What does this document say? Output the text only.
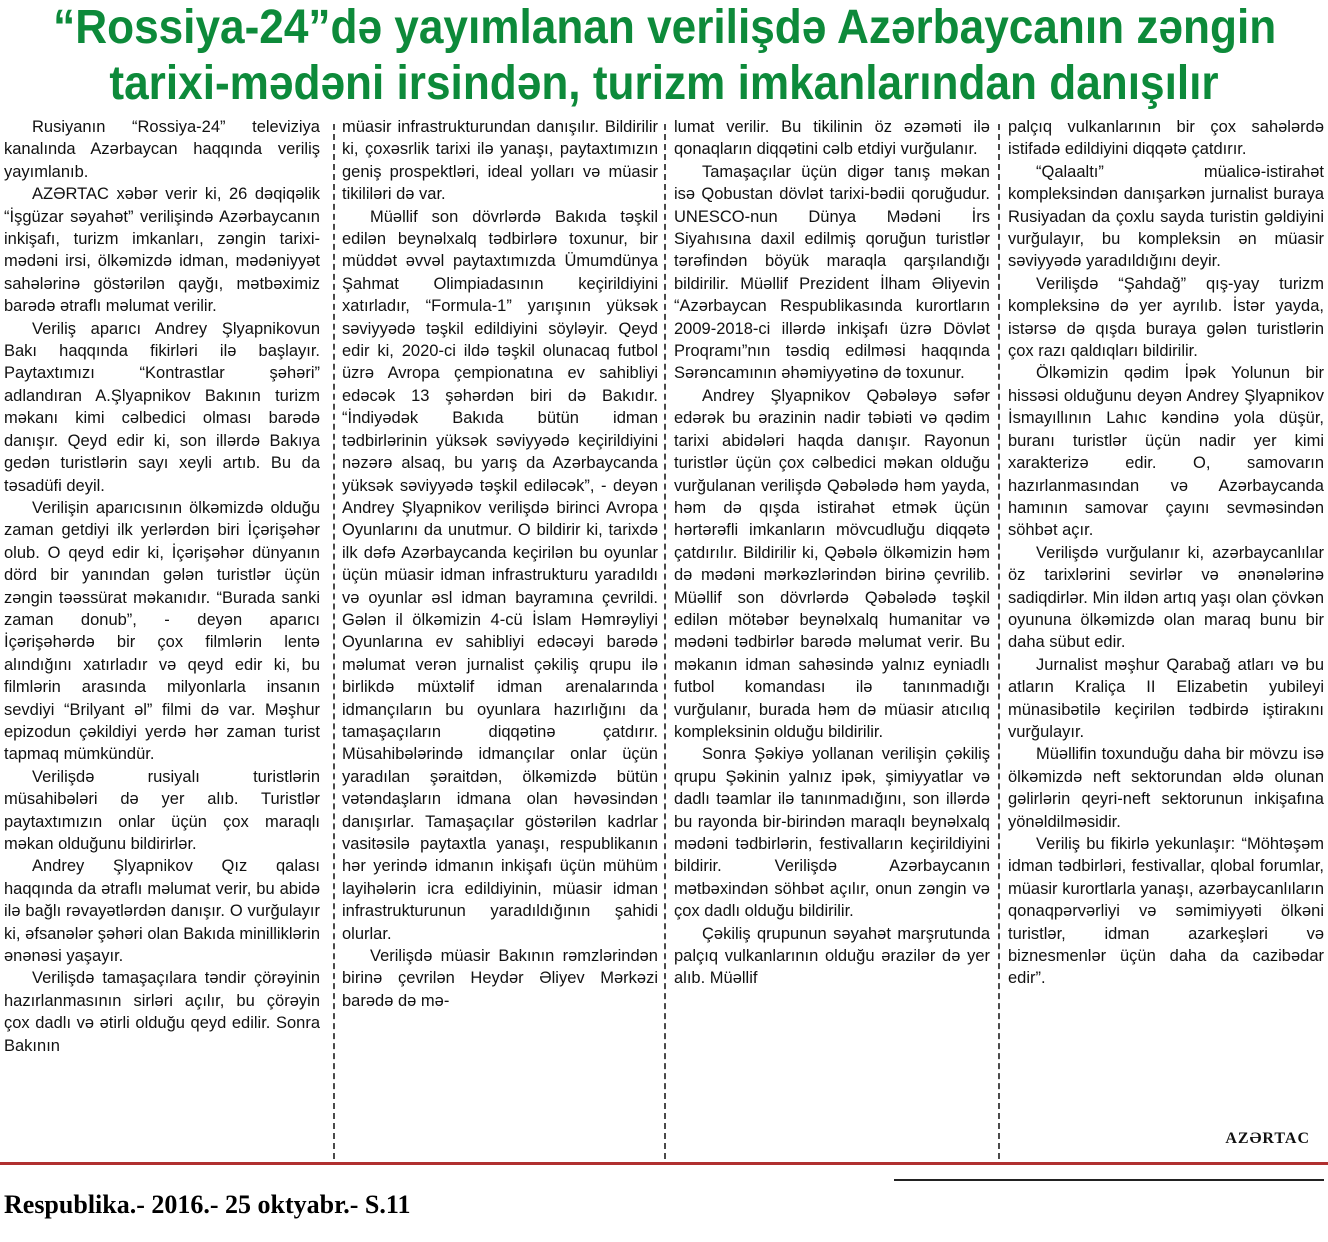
“Rossiya-24”də yayımlanan verilişdə Azərbaycanın zəngin
tarixi-mədəni irsindən, turizm imkanlarından danışılır

Rusiyanın “Rossiya-24” televiziya kanalında Azərbaycan haqqında veriliş yayımlanıb.

AZƏRTAC xəbər verir ki, 26 dəqiqəlik “İşgüzar səyahət” verilişində Azərbaycanın inkişafı, turizm imkanları, zəngin tarixi-mədəni irsi, ölkəmizdə idman, mədəniyyət sahələrinə göstərilən qayğı, mətbəximiz barədə ətraflı məlumat verilir.

Veriliş aparıcı Andrey Şlyapnikovun Bakı haqqında fikirləri ilə başlayır. Paytaxtımızı “Kontrastlar şəhəri” adlandıran A.Şlyapnikov Bakının turizm məkanı kimi cəlbedici olması barədə danışır. Qeyd edir ki, son illərdə Bakıya gedən turistlərin sayı xeyli artıb. Bu da təsadüfi deyil.

Verilişin aparıcısının ölkəmizdə olduğu zaman getdiyi ilk yerlərdən biri İçərişəhər olub. O qeyd edir ki, İçərişəhər dünyanın dörd bir yanından gələn turistlər üçün zəngin təəssürat məkanıdır. “Burada sanki zaman donub”, - deyən aparıcı İçərişəhərdə bir çox filmlərin lentə alındığını xatırladır və qeyd edir ki, bu filmlərin arasında milyonlarla insanın sevdiyi “Brilyant əl” filmi də var. Məşhur epizodun çəkildiyi yerdə hər zaman turist tapmaq mümkündür.

Verilişdə rusiyalı turistlərin müsahibələri də yer alıb. Turistlər paytaxtımızın onlar üçün çox maraqlı məkan olduğunu bildirirlər.

Andrey Şlyapnikov Qız qalası haqqında da ətraflı məlumat verir, bu abidə ilə bağlı rəvayətlərdən danışır. O vurğulayır ki, əfsanələr şəhəri olan Bakıda minilliklərin ənənəsi yaşayır.

Verilişdə tamaşaçılara təndir çörəyinin hazırlanmasının sirləri açılır, bu çörəyin çox dadlı və ətirli olduğu qeyd edilir. Sonra Bakının

müasir infrastrukturundan danışılır. Bildirilir ki, çoxəsrlik tarixi ilə yanaşı, paytaxtımızın geniş prospektləri, ideal yolları və müasir tikililəri də var.

Müəllif son dövrlərdə Bakıda təşkil edilən beynəlxalq tədbirlərə toxunur, bir müddət əvvəl paytaxtımızda Ümumdünya Şahmat Olimpiadasının keçirildiyini xatırladır, “Formula-1” yarışının yüksək səviyyədə təşkil edildiyini söyləyir. Qeyd edir ki, 2020-ci ildə təşkil olunacaq futbol üzrə Avropa çempionatına ev sahibliyi edəcək 13 şəhərdən biri də Bakıdır. “İndiyədək Bakıda bütün idman tədbirlərinin yüksək səviyyədə keçirildiyini nəzərə alsaq, bu yarış da Azərbaycanda yüksək səviyyədə təşkil ediləcək”, - deyən Andrey Şlyapnikov verilişdə birinci Avropa Oyunlarını da unutmur. O bildirir ki, tarixdə ilk dəfə Azərbaycanda keçirilən bu oyunlar üçün müasir idman infrastrukturu yaradıldı və oyunlar əsl idman bayramına çevrildi. Gələn il ölkəmizin 4-cü İslam Həmrəyliyi Oyunlarına ev sahibliyi edəcəyi barədə məlumat verən jurnalist çəkiliş qrupu ilə birlikdə müxtəlif idman arenalarında idmançıların bu oyunlara hazırlığını da tamaşaçıların diqqətinə çatdırır. Müsahibələrində idmançılar onlar üçün yaradılan şəraitdən, ölkəmizdə bütün vətəndaşların idmana olan həvəsindən danışırlar. Tamaşaçılar göstərilən kadrlar vasitəsilə paytaxtla yanaşı, respublikanın hər yerində idmanın inkişafı üçün mühüm layihələrin icra edildiyinin, müasir idman infrastrukturunun yaradıldığının şahidi olurlar.

Verilişdə müasir Bakının rəmzlərindən birinə çevrilən Heydər Əliyev Mərkəzi barədə də mə-

lumat verilir. Bu tikilinin öz əzəməti ilə qonaqların diqqətini cəlb etdiyi vurğulanır.

Tamaşaçılar üçün digər tanış məkan isə Qobustan dövlət tarixi-bədii qoruğudur. UNESCO-nun Dünya Mədəni İrs Siyahısına daxil edilmiş qoruğun turistlər tərəfindən böyük maraqla qarşılandığı bildirilir. Müəllif Prezident İlham Əliyevin “Azərbaycan Respublikasında kurortların 2009-2018-ci illərdə inkişafı üzrə Dövlət Proqramı”nın təsdiq edilməsi haqqında Sərəncamının əhəmiyyətinə də toxunur.

Andrey Şlyapnikov Qəbələyə səfər edərək bu ərazinin nadir təbiəti və qədim tarixi abidələri haqda danışır. Rayonun turistlər üçün çox cəlbedici məkan olduğu vurğulanan verilişdə Qəbələdə həm yayda, həm də qışda istirahət etmək üçün hərtərəfli imkanların mövcudluğu diqqətə çatdırılır. Bildirilir ki, Qəbələ ölkəmizin həm də mədəni mərkəzlərindən birinə çevrilib. Müəllif son dövrlərdə Qəbələdə təşkil edilən mötəbər beynəlxalq humanitar və mədəni tədbirlər barədə məlumat verir. Bu məkanın idman sahəsində yalnız eyniadlı futbol komandası ilə tanınmadığı vurğulanır, burada həm də müasir atıcılıq kompleksinin olduğu bildirilir.

Sonra Şəkiyə yollanan verilişin çəkiliş qrupu Şəkinin yalnız ipək, şimiyyatlar və dadlı təamlar ilə tanınmadığını, son illərdə bu rayonda bir-birindən maraqlı beynəlxalq mədəni tədbirlərin, festivalların keçirildiyini bildirir. Verilişdə Azərbaycanın mətbəxindən söhbət açılır, onun zəngin və çox dadlı olduğu bildirilir.

Çəkiliş qrupunun səyahət marşrutunda palçıq vulkanlarının olduğu ərazilər də yer alıb. Müəllif

palçıq vulkanlarının bir çox sahələrdə istifadə edildiyini diqqətə çatdırır.

“Qalaaltı” müalicə-istirahət kompleksindən danışarkən jurnalist buraya Rusiyadan da çoxlu sayda turistin gəldiyini vurğulayır, bu kompleksin ən müasir səviyyədə yaradıldığını deyir.

Verilişdə “Şahdağ” qış-yay turizm kompleksinə də yer ayrılıb. İstər yayda, istərsə də qışda buraya gələn turistlərin çox razı qaldıqları bildirilir.

Ölkəmizin qədim İpək Yolunun bir hissəsi olduğunu deyən Andrey Şlyapnikov İsmayıllının Lahıc kəndinə yola düşür, buranı turistlər üçün nadir yer kimi xarakterizə edir. O, samovarın hazırlanmasından və Azərbaycanda hamının samovar çayını sevməsindən söhbət açır.

Verilişdə vurğulanır ki, azərbaycanlılar öz tarixlərini sevirlər və ənənələrinə sadiqdirlər. Min ildən artıq yaşı olan çövkən oyununa ölkəmizdə olan maraq bunu bir daha sübut edir.

Jurnalist məşhur Qarabağ atları və bu atların Kraliça II Elizabetin yubileyi münasibətilə keçirilən tədbirdə iştirakını vurğulayır.

Müəllifin toxunduğu daha bir mövzu isə ölkəmizdə neft sektorundan əldə olunan gəlirlərin qeyri-neft sektorunun inkişafına yönəldilməsidir.

Veriliş bu fikirlə yekunlaşır: “Möhtəşəm idman tədbirləri, festivallar, qlobal forumlar, müasir kurortlarla yanaşı, azərbaycanlıların qonaqpərvərliyi və səmimiyyəti ölkəni turistlər, idman azarkeşləri və biznesmenlər üçün daha da cazibədar edir”.

AZƏRTAC
Respublika.- 2016.- 25 oktyabr.- S.11
